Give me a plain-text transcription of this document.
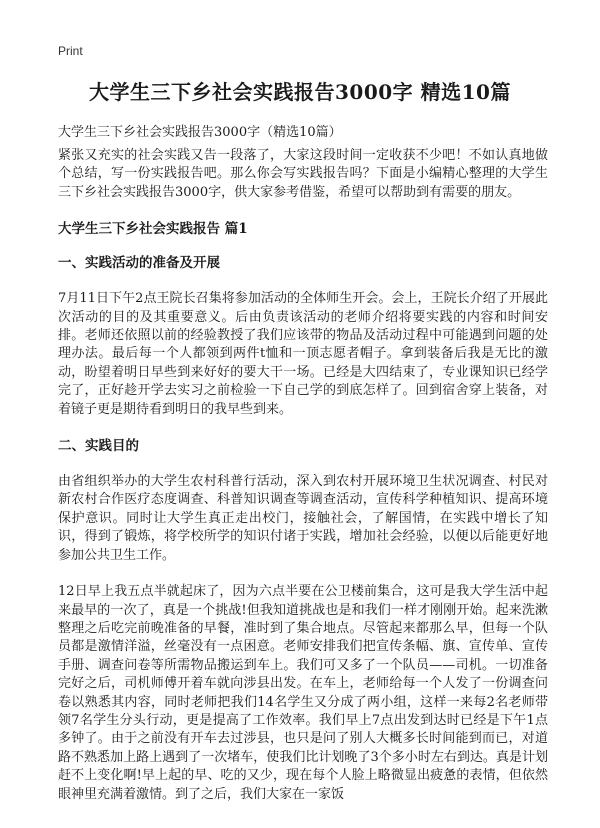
Print
大学生三下乡社会实践报告3000字 精选10篇

大学生三下乡社会实践报告3000字（精选10篇）

紧张又充实的社会实践又告一段落了，大家这段时间一定收获不少吧！不如认真地做个总结，写一份实践报告吧。那么你会写实践报告吗？下面是小编精心整理的大学生三下乡社会实践报告3000字，供大家参考借鉴，希望可以帮助到有需要的朋友。

大学生三下乡社会实践报告 篇1
一、实践活动的准备及开展

7月11日下午2点王院长召集将参加活动的全体师生开会。会上，王院长介绍了开展此次活动的目的及其重要意义。后由负责该活动的老师介绍将要实践的内容和时间安排。老师还依照以前的经验教授了我们应该带的物品及活动过程中可能遇到问题的处理办法。最后每一个人都领到两件t恤和一顶志愿者帽子。拿到装备后我是无比的激动，盼望着明日早些到来好好的要大干一场。已经是大四结束了，专业课知识已经学完了，正好趁开学去实习之前检验一下自己学的到底怎样了。回到宿舍穿上装备，对着镜子更是期待看到明日的我早些到来。

二、实践目的

由省组织举办的大学生农村科普行活动，深入到农村开展环境卫生状况调查、村民对新农村合作医疗态度调查、科普知识调查等调查活动，宣传科学种植知识、提高环境保护意识。同时让大学生真正走出校门，接触社会，了解国情，在实践中增长了知识，得到了锻炼，将学校所学的知识付诸于实践，增加社会经验，以便以后能更好地参加公共卫生工作。

12日早上我五点半就起床了，因为六点半要在公卫楼前集合，这可是我大学生活中起来最早的一次了，真是一个挑战!但我知道挑战也是和我们一样才刚刚开始。起来洗漱整理之后吃完前晚准备的早餐，准时到了集合地点。尽管起来都那么早，但每一个队员都是激情洋溢，丝毫没有一点困意。老师安排我们把宣传条幅、旗、宣传单、宣传手册、调查问卷等所需物品搬运到车上。我们可又多了一个队员——司机。一切准备完好之后，司机师傅开着车就向涉县出发。在车上，老师给每一个人发了一份调查问卷以熟悉其内容，同时老师把我们14名学生又分成了两小组，这样一来每2名老师带领7名学生分头行动，更是提高了工作效率。我们早上7点出发到达时已经是下午1点多钟了。由于之前没有开车去过涉县，也只是问了别人大概多长时间能到而已，对道路不熟悉加上路上遇到了一次堵车，使我们比计划晚了3个多小时左右到达。真是计划赶不上变化啊!早上起的早、吃的又少，现在每个人脸上略微显出疲惫的表情，但依然眼神里充满着激情。到了之后，我们大家在一家饭
